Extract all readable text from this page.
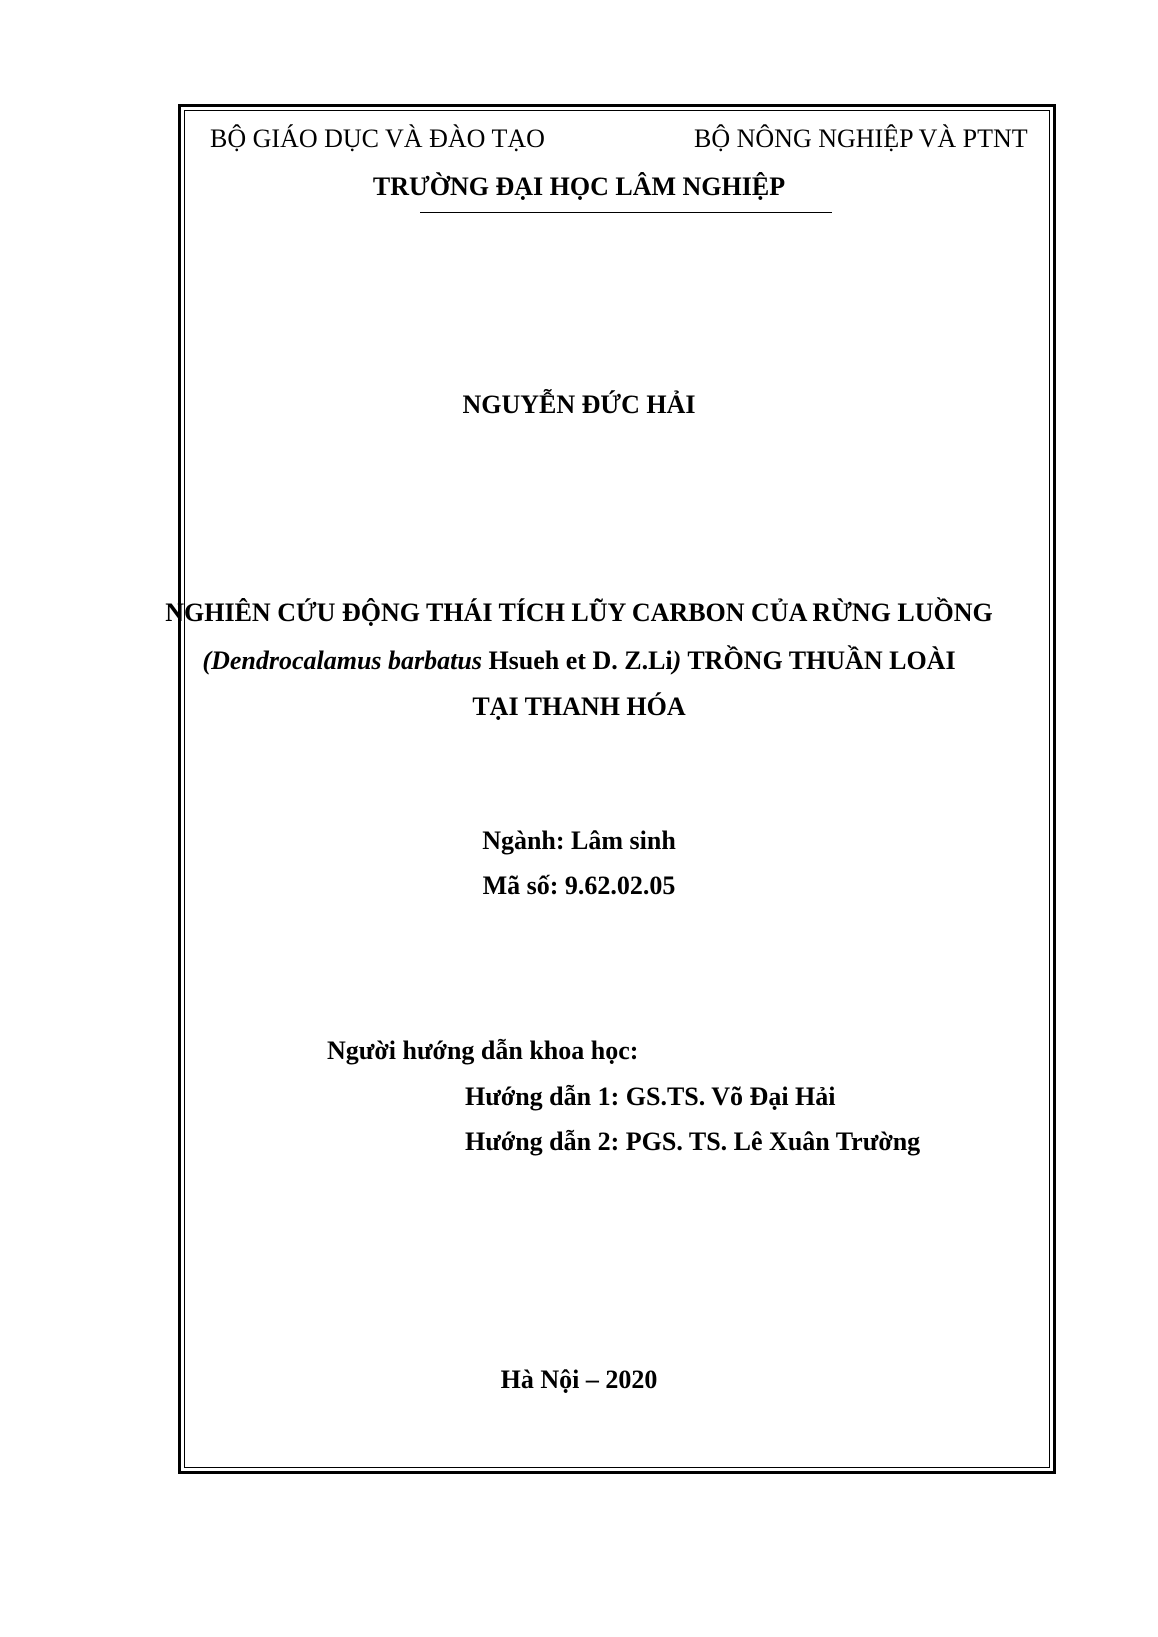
BỘ GIÁO DỤC VÀ ĐÀO TẠO	BỘ NÔNG NGHIỆP VÀ PTNT
TRƯỜNG ĐẠI HỌC LÂM NGHIỆP
NGUYỄN ĐỨC HẢI
NGHIÊN CỨU ĐỘNG THÁI TÍCH LŨY CARBON CỦA RỪNG LUỒNG
(Dendrocalamus barbatus Hsueh et D. Z.Li) TRỒNG THUẦN LOÀI
TẠI THANH HÓA
Ngành: Lâm sinh
Mã số: 9.62.02.05
Người hướng dẫn khoa học:
Hướng dẫn 1: GS.TS. Võ Đại Hải
Hướng dẫn 2: PGS. TS. Lê Xuân Trường
Hà Nội – 2020
